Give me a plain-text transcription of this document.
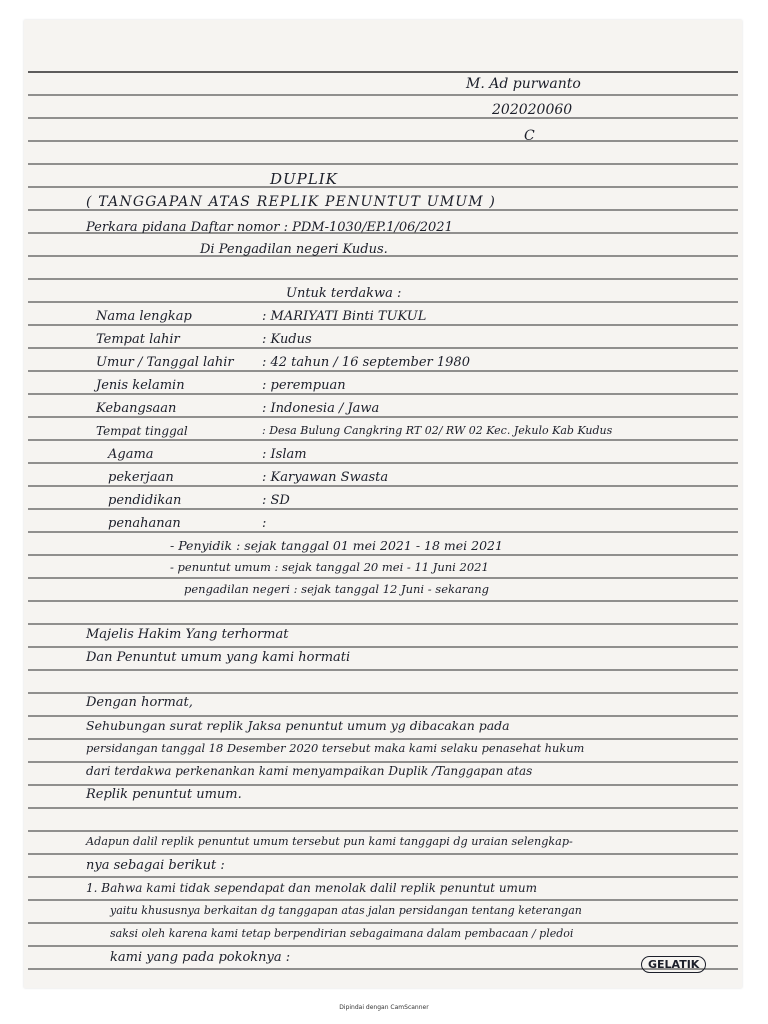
M. Ad purwanto
202020060
C
DUPLIK
( TANGGAPAN ATAS REPLIK PENUNTUT UMUM )
Perkara pidana Daftar nomor : PDM-1030/EP.1/06/2021
Di Pengadilan negeri Kudus.
Untuk terdakwa :
Nama lengkap	: MARIYATI Binti TUKUL
Tempat lahir	: Kudus
Umur / Tanggal lahir : 42 tahun / 16 september 1980
Jenis kelamin	: perempuan
Kebangsaan	: Indonesia / Jawa
Tempat tinggal	: Desa Bulung Cangkring RT 02/ RW 02 Kec. Jekulo Kab Kudus
Agama	: Islam
pekerjaan	: Karyawan Swasta
pendidikan	: SD
penahanan	:
- Penyidik : sejak tanggal 01 mei 2021 - 18 mei 2021
- penuntut umum : sejak tanggal 20 mei - 11 Juni 2021
pengadilan negeri : sejak tanggal 12 Juni - sekarang
Majelis Hakim Yang terhormat
Dan Penuntut umum yang kami hormati
Dengan hormat,
Sehubungan surat replik Jaksa penuntut umum yg dibacakan pada
persidangan tanggal 18 Desember 2020 tersebut maka kami selaku penasehat hukum
dari terdakwa perkenankan kami menyampaikan Duplik /Tanggapan atas
Replik penuntut umum.
Adapun dalil replik penuntut umum tersebut pun kami tanggapi dg uraian selengkap-
nya sebagai berikut :
1. Bahwa kami tidak sependapat dan menolak dalil replik penuntut umum
yaitu khususnya berkaitan dg tanggapan atas jalan persidangan tentang keterangan
saksi oleh karena kami tetap berpendirian sebagaimana dalam pembacaan / pledoi
kami yang pada pokoknya :	GELATIK
Dipindai dengan CamScanner
